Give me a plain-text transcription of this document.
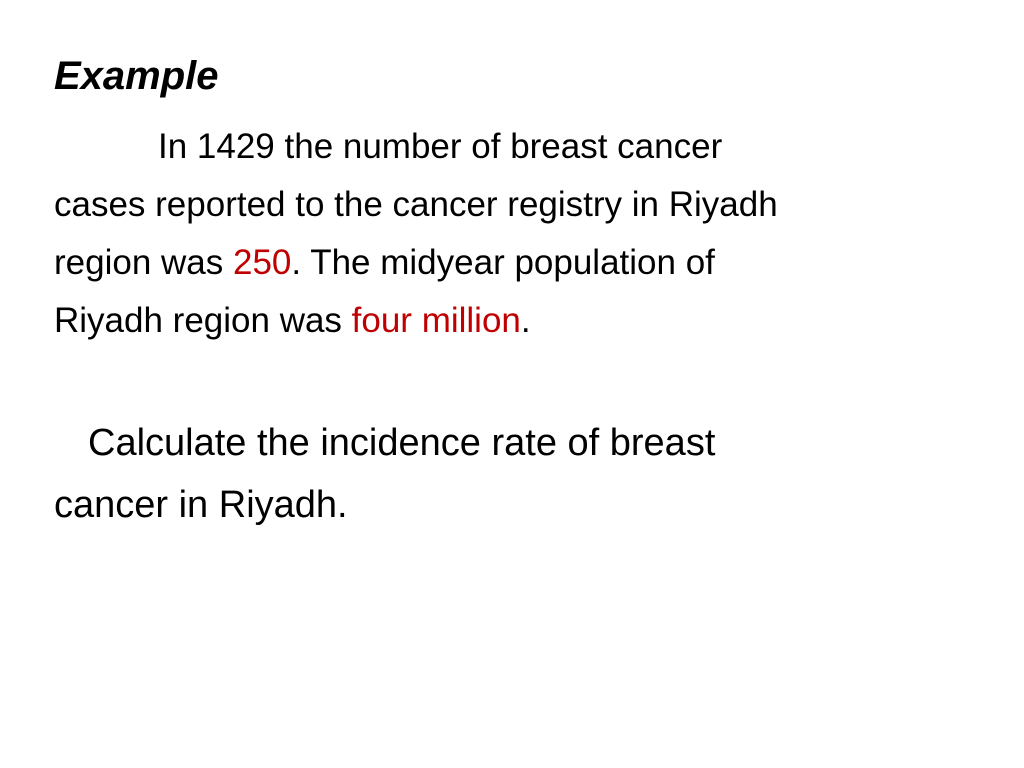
Example
In 1429 the number of breast cancer
cases reported to the cancer registry in Riyadh
region was 250. The midyear population of
Riyadh region was four million.
Calculate the incidence rate of breast
cancer in Riyadh.
